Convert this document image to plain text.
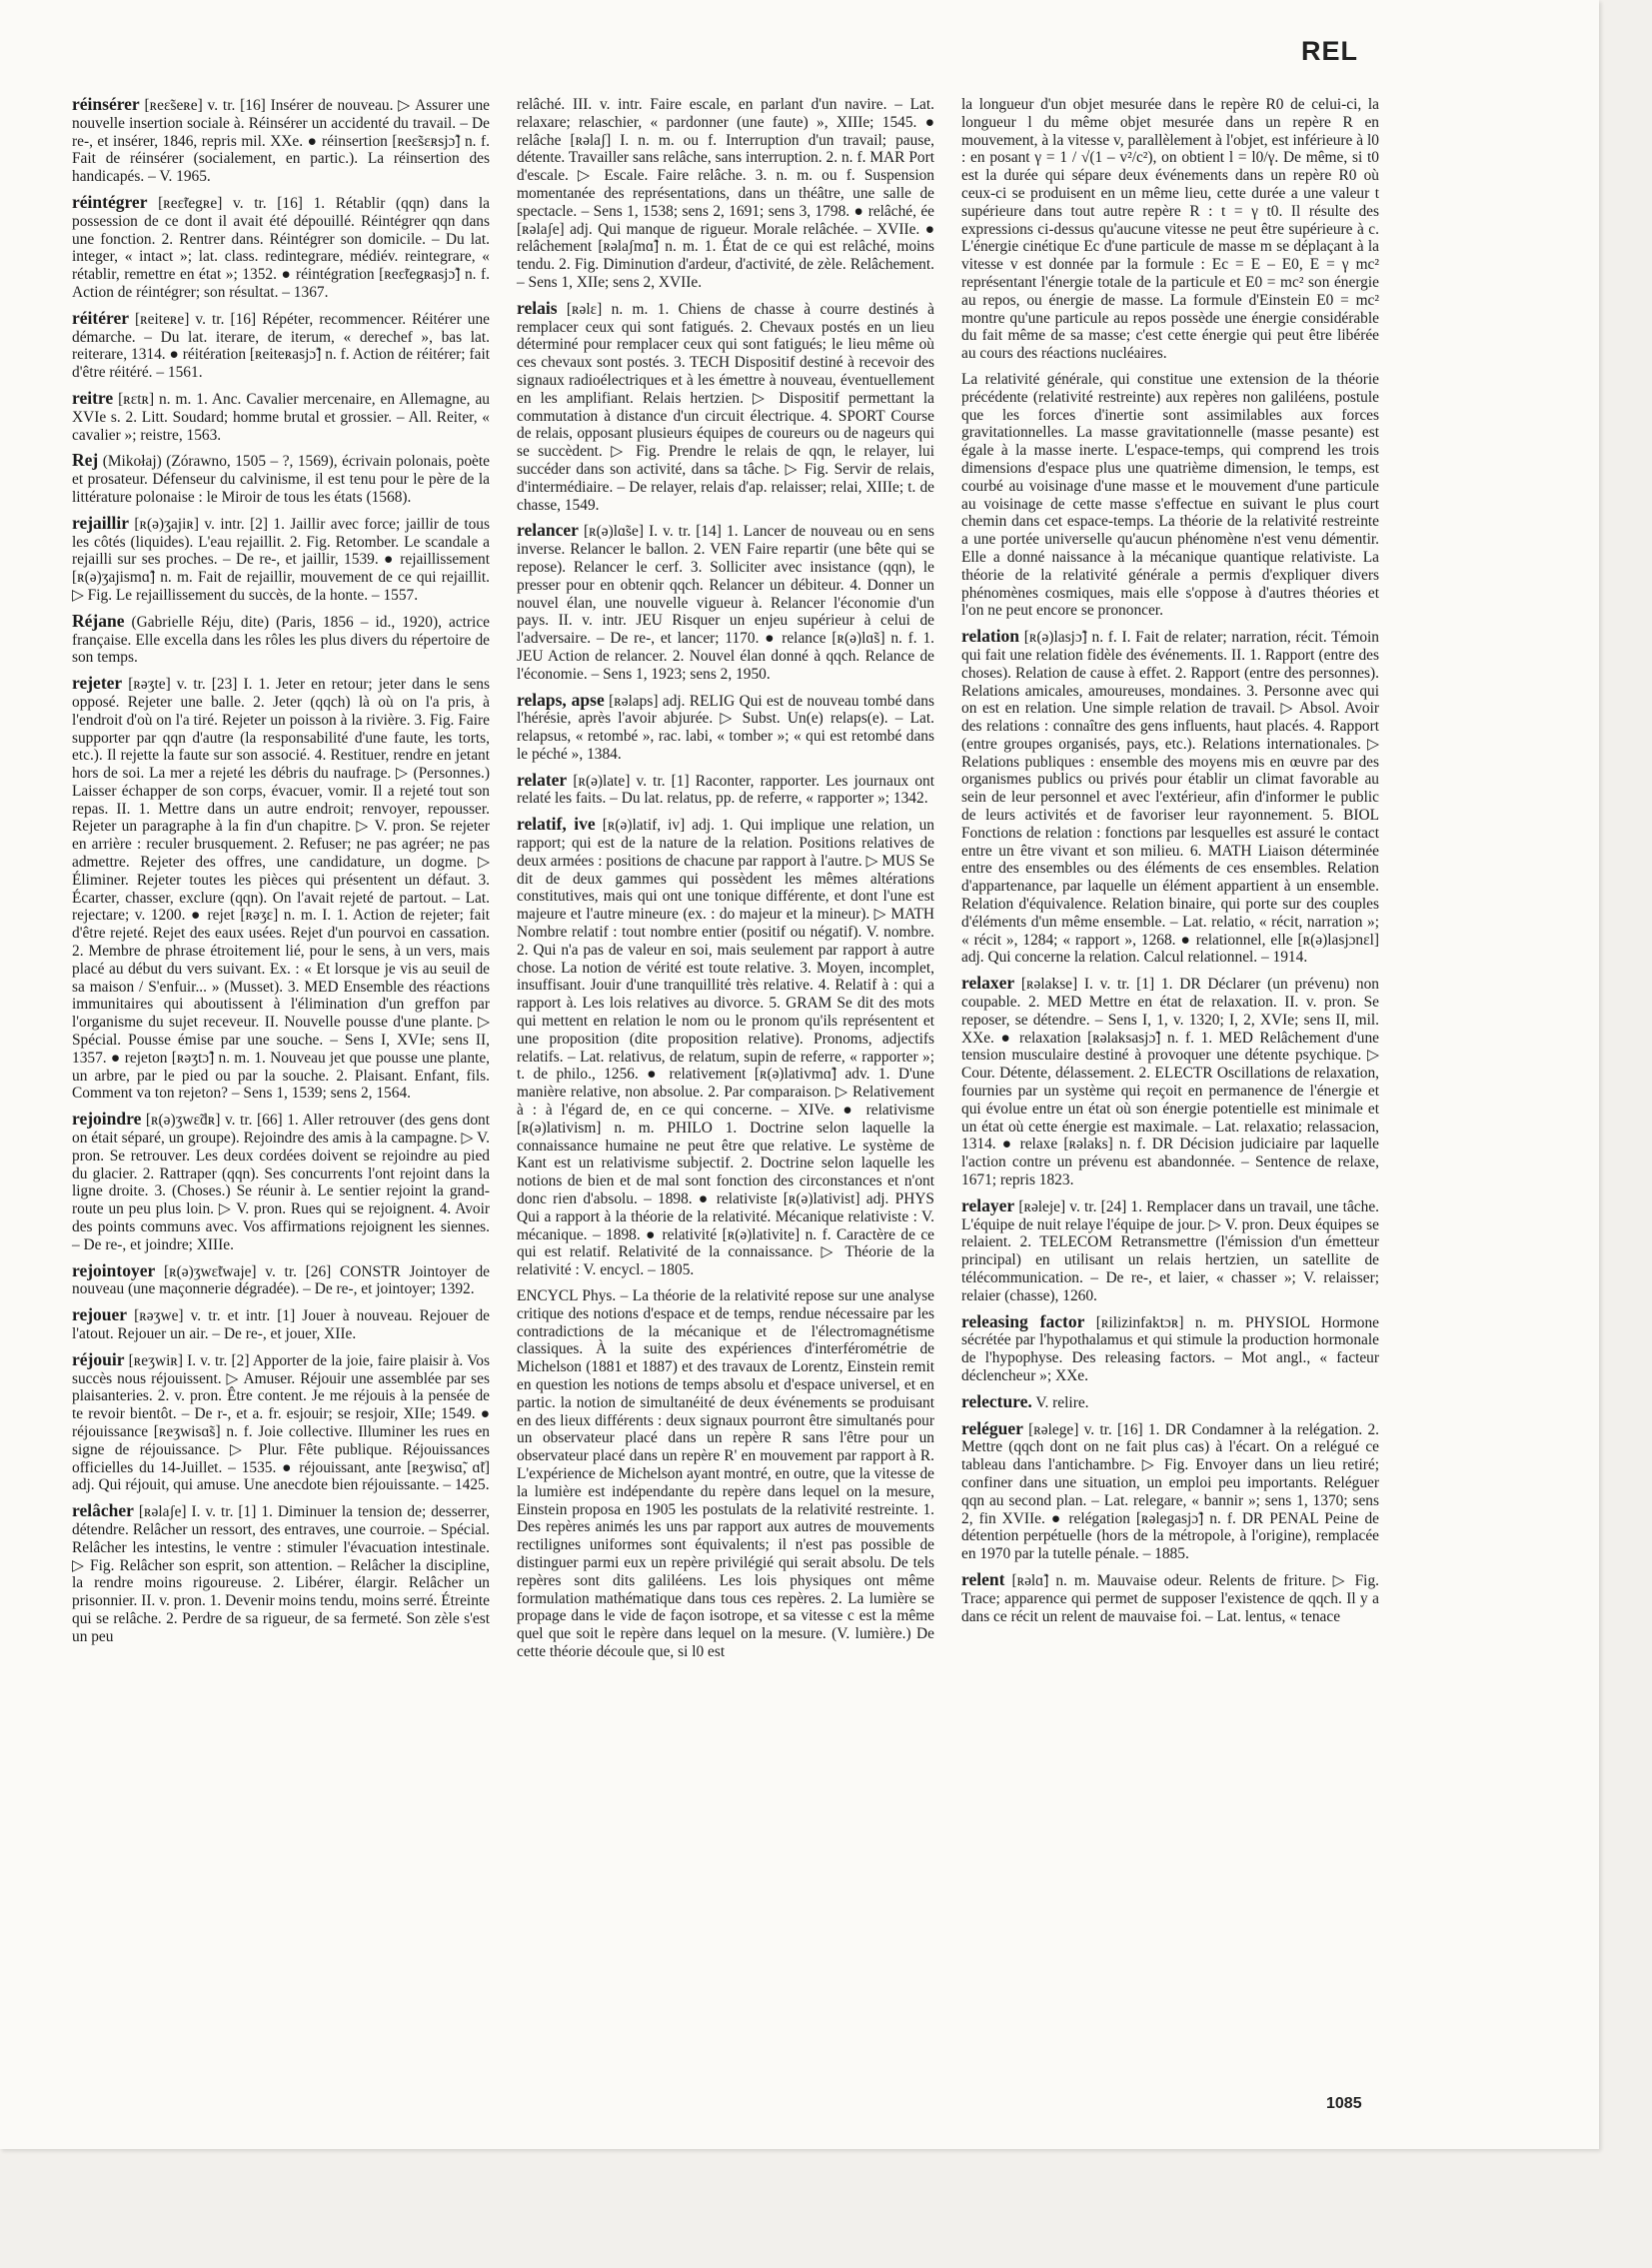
REL

réinsérer [ʀeɛ̃seʀe] v. tr. [16] Insérer de nouveau. ▷ Assurer une nouvelle insertion sociale à. Réinsérer un accidenté du travail. – De re-, et insérer, 1846, repris mil. XXe. ● réinsertion [ʀeɛ̃sɛʀsjɔ̃] n. f. Fait de réinsérer (socialement, en partic.). La réinsertion des handicapés. – V. 1965.

réintégrer [ʀeɛ̃tegʀe] v. tr. [16] 1. Rétablir (qqn) dans la possession de ce dont il avait été dépouillé. Réintégrer qqn dans une fonction. 2. Rentrer dans. Réintégrer son domicile. – Du lat. integer, « intact »; lat. class. redintegrare, médiév. reintegrare, « rétablir, remettre en état »; 1352. ● réintégration [ʀeɛ̃tegʀasjɔ̃] n. f. Action de réintégrer; son résultat. – 1367.

réitérer [ʀeiteʀe] v. tr. [16] Répéter, recommencer. Réitérer une démarche. – Du lat. iterare, de iterum, « derechef », bas lat. reiterare, 1314. ● réitération [ʀeiteʀasjɔ̃] n. f. Action de réitérer; fait d'être réitéré. – 1561.

reitre [ʀɛtʀ] n. m. 1. Anc. Cavalier mercenaire, en Allemagne, au XVIe s. 2. Litt. Soudard; homme brutal et grossier. – All. Reiter, « cavalier »; reistre, 1563.

Rej (Mikołaj) (Zórawno, 1505 – ?, 1569), écrivain polonais, poète et prosateur. Défenseur du calvinisme, il est tenu pour le père de la littérature polonaise : le Miroir de tous les états (1568).

rejaillir [ʀ(ə)ʒajiʀ] v. intr. [2] 1. Jaillir avec force; jaillir de tous les côtés (liquides). L'eau rejaillit. 2. Fig. Retomber. Le scandale a rejailli sur ses proches. – De re-, et jaillir, 1539. ● rejaillissement [ʀ(ə)ʒajismɑ̃] n. m. Fait de rejaillir, mouvement de ce qui rejaillit. ▷ Fig. Le rejaillissement du succès, de la honte. – 1557.

Réjane (Gabrielle Réju, dite) (Paris, 1856 – id., 1920), actrice française. Elle excella dans les rôles les plus divers du répertoire de son temps.

rejeter [ʀəʒte] v. tr. [23] I. 1. Jeter en retour; jeter dans le sens opposé. Rejeter une balle. 2. Jeter (qqch) là où on l'a pris, à l'endroit d'où on l'a tiré. Rejeter un poisson à la rivière. 3. Fig. Faire supporter par qqn d'autre (la responsabilité d'une faute, les torts, etc.). Il rejette la faute sur son associé. 4. Restituer, rendre en jetant hors de soi. La mer a rejeté les débris du naufrage. ▷ (Personnes.) Laisser échapper de son corps, évacuer, vomir. Il a rejeté tout son repas. II. 1. Mettre dans un autre endroit; renvoyer, repousser. Rejeter un paragraphe à la fin d'un chapitre. ▷ V. pron. Se rejeter en arrière : reculer brusquement. 2. Refuser; ne pas agréer; ne pas admettre. Rejeter des offres, une candidature, un dogme. ▷ Éliminer. Rejeter toutes les pièces qui présentent un défaut. 3. Écarter, chasser, exclure (qqn). On l'avait rejeté de partout. – Lat. rejectare; v. 1200. ● rejet [ʀəʒɛ] n. m. I. 1. Action de rejeter; fait d'être rejeté. Rejet des eaux usées. Rejet d'un pourvoi en cassation. 2. Membre de phrase étroitement lié, pour le sens, à un vers, mais placé au début du vers suivant. Ex. : « Et lorsque je vis au seuil de sa maison / S'enfuir... » (Musset). 3. MED Ensemble des réactions immunitaires qui aboutissent à l'élimination d'un greffon par l'organisme du sujet receveur. II. Nouvelle pousse d'une plante. ▷ Spécial. Pousse émise par une souche. – Sens I, XVIe; sens II, 1357. ● rejeton [ʀəʒtɔ̃] n. m. 1. Nouveau jet que pousse une plante, un arbre, par le pied ou par la souche. 2. Plaisant. Enfant, fils. Comment va ton rejeton? – Sens 1, 1539; sens 2, 1564.

rejoindre [ʀ(ə)ʒwɛ̃dʀ] v. tr. [66] 1. Aller retrouver (des gens dont on était séparé, un groupe). Rejoindre des amis à la campagne. ▷ V. pron. Se retrouver. Les deux cordées doivent se rejoindre au pied du glacier. 2. Rattraper (qqn). Ses concurrents l'ont rejoint dans la ligne droite. 3. (Choses.) Se réunir à. Le sentier rejoint la grand-route un peu plus loin. ▷ V. pron. Rues qui se rejoignent. 4. Avoir des points communs avec. Vos affirmations rejoignent les siennes. – De re-, et joindre; XIIIe.

rejointoyer [ʀ(ə)ʒwɛ̃twaje] v. tr. [26] CONSTR Jointoyer de nouveau (une maçonnerie dégradée). – De re-, et jointoyer; 1392.

rejouer [ʀəʒwe] v. tr. et intr. [1] Jouer à nouveau. Rejouer de l'atout. Rejouer un air. – De re-, et jouer, XIIe.

réjouir [ʀeʒwiʀ] I. v. tr. [2] Apporter de la joie, faire plaisir à. Vos succès nous réjouissent. ▷ Amuser. Réjouir une assemblée par ses plaisanteries. 2. v. pron. Être content. Je me réjouis à la pensée de te revoir bientôt. – De r-, et a. fr. esjouir; se resjoir, XIIe; 1549. ● réjouissance [ʀeʒwisɑ̃s] n. f. Joie collective. Illuminer les rues en signe de réjouissance. ▷ Plur. Fête publique. Réjouissances officielles du 14-Juillet. – 1535. ● réjouissant, ante [ʀeʒwisɑ̃, ɑ̃t] adj. Qui réjouit, qui amuse. Une anecdote bien réjouissante. – 1425.

relâcher [ʀəlaʃe] I. v. tr. [1] 1. Diminuer la tension de; desserrer, détendre. Relâcher un ressort, des entraves, une courroie. – Spécial. Relâcher les intestins, le ventre : stimuler l'évacuation intestinale. ▷ Fig. Relâcher son esprit, son attention. – Relâcher la discipline, la rendre moins rigoureuse. 2. Libérer, élargir. Relâcher un prisonnier. II. v. pron. 1. Devenir moins tendu, moins serré. Étreinte qui se relâche. 2. Perdre de sa rigueur, de sa fermeté. Son zèle s'est un peu

relâché. III. v. intr. Faire escale, en parlant d'un navire. – Lat. relaxare; relaschier, « pardonner (une faute) », XIIIe; 1545. ● relâche [ʀəlaʃ] I. n. m. ou f. Interruption d'un travail; pause, détente. Travailler sans relâche, sans interruption. 2. n. f. MAR Port d'escale. ▷ Escale. Faire relâche. 3. n. m. ou f. Suspension momentanée des représentations, dans un théâtre, une salle de spectacle. – Sens 1, 1538; sens 2, 1691; sens 3, 1798. ● relâché, ée [ʀəlaʃe] adj. Qui manque de rigueur. Morale relâchée. – XVIIe. ● relâchement [ʀəlaʃmɑ̃] n. m. 1. État de ce qui est relâché, moins tendu. 2. Fig. Diminution d'ardeur, d'activité, de zèle. Relâchement. – Sens 1, XIIe; sens 2, XVIIe.

relais [ʀəlɛ] n. m. 1. Chiens de chasse à courre destinés à remplacer ceux qui sont fatigués. 2. Chevaux postés en un lieu déterminé pour remplacer ceux qui sont fatigués; le lieu même où ces chevaux sont postés. 3. TECH Dispositif destiné à recevoir des signaux radioélectriques et à les émettre à nouveau, éventuellement en les amplifiant. Relais hertzien. ▷ Dispositif permettant la commutation à distance d'un circuit électrique. 4. SPORT Course de relais, opposant plusieurs équipes de coureurs ou de nageurs qui se succèdent. ▷ Fig. Prendre le relais de qqn, le relayer, lui succéder dans son activité, dans sa tâche. ▷ Fig. Servir de relais, d'intermédiaire. – De relayer, relais d'ap. relaisser; relai, XIIIe; t. de chasse, 1549.

relancer [ʀ(ə)lɑ̃se] I. v. tr. [14] 1. Lancer de nouveau ou en sens inverse. Relancer le ballon. 2. VEN Faire repartir (une bête qui se repose). Relancer le cerf. 3. Solliciter avec insistance (qqn), le presser pour en obtenir qqch. Relancer un débiteur. 4. Donner un nouvel élan, une nouvelle vigueur à. Relancer l'économie d'un pays. II. v. intr. JEU Risquer un enjeu supérieur à celui de l'adversaire. – De re-, et lancer; 1170. ● relance [ʀ(ə)lɑ̃s] n. f. 1. JEU Action de relancer. 2. Nouvel élan donné à qqch. Relance de l'économie. – Sens 1, 1923; sens 2, 1950.

relaps, apse [ʀəlaps] adj. RELIG Qui est de nouveau tombé dans l'hérésie, après l'avoir abjurée. ▷ Subst. Un(e) relaps(e). – Lat. relapsus, « retombé », rac. labi, « tomber »; « qui est retombé dans le péché », 1384.

relater [ʀ(ə)late] v. tr. [1] Raconter, rapporter. Les journaux ont relaté les faits. – Du lat. relatus, pp. de referre, « rapporter »; 1342.

relatif, ive [ʀ(ə)latif, iv] adj. 1. Qui implique une relation, un rapport; qui est de la nature de la relation. Positions relatives de deux armées : positions de chacune par rapport à l'autre. ▷ MUS Se dit de deux gammes qui possèdent les mêmes altérations constitutives, mais qui ont une tonique différente, et dont l'une est majeure et l'autre mineure (ex. : do majeur et la mineur). ▷ MATH Nombre relatif : tout nombre entier (positif ou négatif). V. nombre. 2. Qui n'a pas de valeur en soi, mais seulement par rapport à autre chose. La notion de vérité est toute relative. 3. Moyen, incomplet, insuffisant. Jouir d'une tranquillité très relative. 4. Relatif à : qui a rapport à. Les lois relatives au divorce. 5. GRAM Se dit des mots qui mettent en relation le nom ou le pronom qu'ils représentent et une proposition (dite proposition relative). Pronoms, adjectifs relatifs. – Lat. relativus, de relatum, supin de referre, « rapporter »; t. de philo., 1256. ● relativement [ʀ(ə)lativmɑ̃] adv. 1. D'une manière relative, non absolue. 2. Par comparaison. ▷ Relativement à : à l'égard de, en ce qui concerne. – XIVe. ● relativisme [ʀ(ə)lativism] n. m. PHILO 1. Doctrine selon laquelle la connaissance humaine ne peut être que relative. Le système de Kant est un relativisme subjectif. 2. Doctrine selon laquelle les notions de bien et de mal sont fonction des circonstances et n'ont donc rien d'absolu. – 1898. ● relativiste [ʀ(ə)lativist] adj. PHYS Qui a rapport à la théorie de la relativité. Mécanique relativiste : V. mécanique. – 1898. ● relativité [ʀ(ə)lativite] n. f. Caractère de ce qui est relatif. Relativité de la connaissance. ▷ Théorie de la relativité : V. encycl. – 1805.

ENCYCL Phys. – La théorie de la relativité repose sur une analyse critique des notions d'espace et de temps, rendue nécessaire par les contradictions de la mécanique et de l'électromagnétisme classiques. À la suite des expériences d'interférométrie de Michelson (1881 et 1887) et des travaux de Lorentz, Einstein remit en question les notions de temps absolu et d'espace universel, et en partic. la notion de simultanéité de deux événements se produisant en des lieux différents : deux signaux pourront être simultanés pour un observateur placé dans un repère R sans l'être pour un observateur placé dans un repère R' en mouvement par rapport à R. L'expérience de Michelson ayant montré, en outre, que la vitesse de la lumière est indépendante du repère dans lequel on la mesure, Einstein proposa en 1905 les postulats de la relativité restreinte. 1. Des repères animés les uns par rapport aux autres de mouvements rectilignes uniformes sont équivalents; il n'est pas possible de distinguer parmi eux un repère privilégié qui serait absolu. De tels repères sont dits galiléens. Les lois physiques ont même formulation mathématique dans tous ces repères. 2. La lumière se propage dans le vide de façon isotrope, et sa vitesse c est la même quel que soit le repère dans lequel on la mesure. (V. lumière.) De cette théorie découle que, si l0 est

la longueur d'un objet mesurée dans le repère R0 de celui-ci, la longueur l du même objet mesurée dans un repère R en mouvement, à la vitesse v, parallèlement à l'objet, est inférieure à l0 : en posant γ = 1 / √(1 – v²/c²), on obtient l = l0/γ. De même, si t0 est la durée qui sépare deux événements dans un repère R0 où ceux-ci se produisent en un même lieu, cette durée a une valeur t supérieure dans tout autre repère R : t = γ t0. Il résulte des expressions ci-dessus qu'aucune vitesse ne peut être supérieure à c. L'énergie cinétique Ec d'une particule de masse m se déplaçant à la vitesse v est donnée par la formule : Ec = E – E0, E = γ mc² représentant l'énergie totale de la particule et E0 = mc² son énergie au repos, ou énergie de masse. La formule d'Einstein E0 = mc² montre qu'une particule au repos possède une énergie considérable du fait même de sa masse; c'est cette énergie qui peut être libérée au cours des réactions nucléaires.

La relativité générale, qui constitue une extension de la théorie précédente (relativité restreinte) aux repères non galiléens, postule que les forces d'inertie sont assimilables aux forces gravitationnelles. La masse gravitationnelle (masse pesante) est égale à la masse inerte. L'espace-temps, qui comprend les trois dimensions d'espace plus une quatrième dimension, le temps, est courbé au voisinage d'une masse et le mouvement d'une particule au voisinage de cette masse s'effectue en suivant le plus court chemin dans cet espace-temps. La théorie de la relativité restreinte a une portée universelle qu'aucun phénomène n'est venu démentir. Elle a donné naissance à la mécanique quantique relativiste. La théorie de la relativité générale a permis d'expliquer divers phénomènes cosmiques, mais elle s'oppose à d'autres théories et l'on ne peut encore se prononcer.

relation [ʀ(ə)lasjɔ̃] n. f. I. Fait de relater; narration, récit. Témoin qui fait une relation fidèle des événements. II. 1. Rapport (entre des choses). Relation de cause à effet. 2. Rapport (entre des personnes). Relations amicales, amoureuses, mondaines. 3. Personne avec qui on est en relation. Une simple relation de travail. ▷ Absol. Avoir des relations : connaître des gens influents, haut placés. 4. Rapport (entre groupes organisés, pays, etc.). Relations internationales. ▷ Relations publiques : ensemble des moyens mis en œuvre par des organismes publics ou privés pour établir un climat favorable au sein de leur personnel et avec l'extérieur, afin d'informer le public de leurs activités et de favoriser leur rayonnement. 5. BIOL Fonctions de relation : fonctions par lesquelles est assuré le contact entre un être vivant et son milieu. 6. MATH Liaison déterminée entre des ensembles ou des éléments de ces ensembles. Relation d'appartenance, par laquelle un élément appartient à un ensemble. Relation d'équivalence. Relation binaire, qui porte sur des couples d'éléments d'un même ensemble. – Lat. relatio, « récit, narration »; « récit », 1284; « rapport », 1268. ● relationnel, elle [ʀ(ə)lasjɔnɛl] adj. Qui concerne la relation. Calcul relationnel. – 1914.

relaxer [ʀəlakse] I. v. tr. [1] 1. DR Déclarer (un prévenu) non coupable. 2. MED Mettre en état de relaxation. II. v. pron. Se reposer, se détendre. – Sens I, 1, v. 1320; I, 2, XVIe; sens II, mil. XXe. ● relaxation [ʀəlaksasjɔ̃] n. f. 1. MED Relâchement d'une tension musculaire destiné à provoquer une détente psychique. ▷ Cour. Détente, délassement. 2. ELECTR Oscillations de relaxation, fournies par un système qui reçoit en permanence de l'énergie et qui évolue entre un état où son énergie potentielle est minimale et un état où cette énergie est maximale. – Lat. relaxatio; relassacion, 1314. ● relaxe [ʀəlaks] n. f. DR Décision judiciaire par laquelle l'action contre un prévenu est abandonnée. – Sentence de relaxe, 1671; repris 1823.

relayer [ʀəleje] v. tr. [24] 1. Remplacer dans un travail, une tâche. L'équipe de nuit relaye l'équipe de jour. ▷ V. pron. Deux équipes se relaient. 2. TELECOM Retransmettre (l'émission d'un émetteur principal) en utilisant un relais hertzien, un satellite de télécommunication. – De re-, et laier, « chasser »; V. relaisser; relaier (chasse), 1260.

releasing factor [ʀilizinfaktɔʀ] n. m. PHYSIOL Hormone sécrétée par l'hypothalamus et qui stimule la production hormonale de l'hypophyse. Des releasing factors. – Mot angl., « facteur déclencheur »; XXe.

relecture. V. relire.

reléguer [ʀəlege] v. tr. [16] 1. DR Condamner à la relégation. 2. Mettre (qqch dont on ne fait plus cas) à l'écart. On a relégué ce tableau dans l'antichambre. ▷ Fig. Envoyer dans un lieu retiré; confiner dans une situation, un emploi peu importants. Reléguer qqn au second plan. – Lat. relegare, « bannir »; sens 1, 1370; sens 2, fin XVIIe. ● relégation [ʀəlegasjɔ̃] n. f. DR PENAL Peine de détention perpétuelle (hors de la métropole, à l'origine), remplacée en 1970 par la tutelle pénale. – 1885.

relent [ʀəlɑ̃] n. m. Mauvaise odeur. Relents de friture. ▷ Fig. Trace; apparence qui permet de supposer l'existence de qqch. Il y a dans ce récit un relent de mauvaise foi. – Lat. lentus, « tenace

1085
